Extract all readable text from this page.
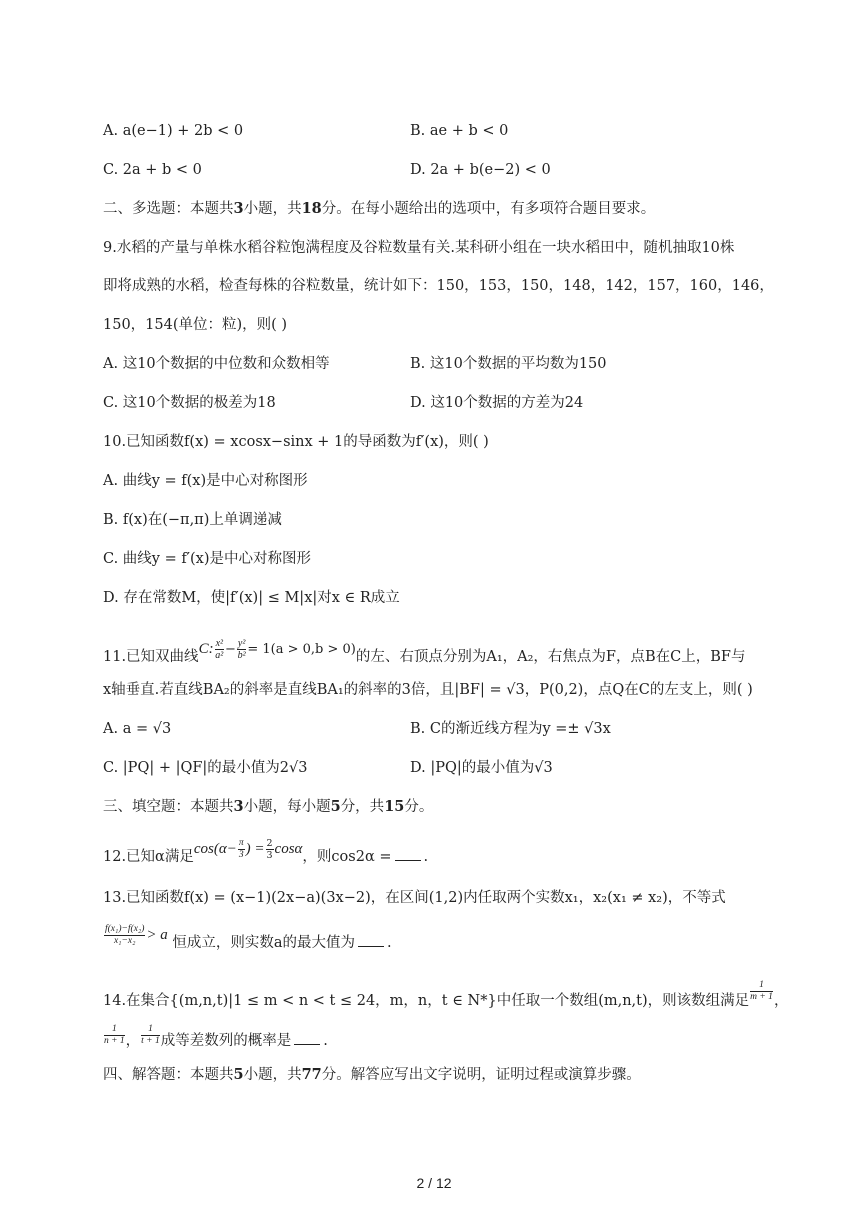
A. a(e−1) + 2b < 0	B. ae + b < 0
C. 2a + b < 0	D. 2a + b(e−2) < 0
二、多选题：本题共3小题，共18分。在每小题给出的选项中，有多项符合题目要求。
9.水稻的产量与单株水稻谷粒饱满程度及谷粒数量有关.某科研小组在一块水稻田中，随机抽取10株
即将成熟的水稻，检查每株的谷粒数量，统计如下：150，153，150，148，142，157，160，146，
150，154(单位：粒)，则( )
A. 这10个数据的中位数和众数相等	B. 这10个数据的平均数为150
C. 这10个数据的极差为18	D. 这10个数据的方差为24
10.已知函数f(x) = xcosx−sinx + 1的导函数为f′(x)，则( )
A. 曲线y = f(x)是中心对称图形
B. f(x)在(−π,π)上单调递减
C. 曲线y = f′(x)是中心对称图形
D. 存在常数M，使|f′(x)| ≤ M|x|对x ∈ R成立
11.已知双曲线C: $\frac{\text{x²}}{\text{a²}} - \frac{\text{y²}}{\text{b²}} = 1(a > 0,b > 0)$的左、右顶点分别为A₁，A₂，右焦点为F，点B在C上，BF与
x轴垂直.若直线BA₂的斜率是直线BA₁的斜率的3倍，且|BF| = √3，P(0,2)，点Q在C的左支上，则( )
A. a = √3	B. C的渐近线方程为y =± √3x
C. |PQ| + |QF|的最小值为2√3	D. |PQ|的最小值为√3
三、填空题：本题共3小题，每小题5分，共15分。
12.已知α满足$\cos(\alpha- \frac{\pi}{3}$ ) = $\frac{2}{3}$ cosα，则cos2α = .
13.已知函数f(x) = (x−1)(2x−a)(3x−2)，在区间(1,2)内任取两个实数x₁，x₂(x₁ ≠ x₂)，不等式
$\frac{\text{f(x₁)−f(x₂)}}{\text{x₁−x₂}} > a$ 恒成立，则实数a的最大值为 .
14.在集合{(m,n,t)|1 ≤ m < n < t ≤ 24，m，n，t ∈ N*}中任取一个数组(m,n,t)，则该数组满足 $\frac{1}{m + 1}$ ，
$\frac{1}{n + 1}$ ， $\frac{1}{t + 1}$ 成等差数列的概率是 .
四、解答题：本题共5小题，共77分。解答应写出文字说明，证明过程或演算步骤。
2 / 12
